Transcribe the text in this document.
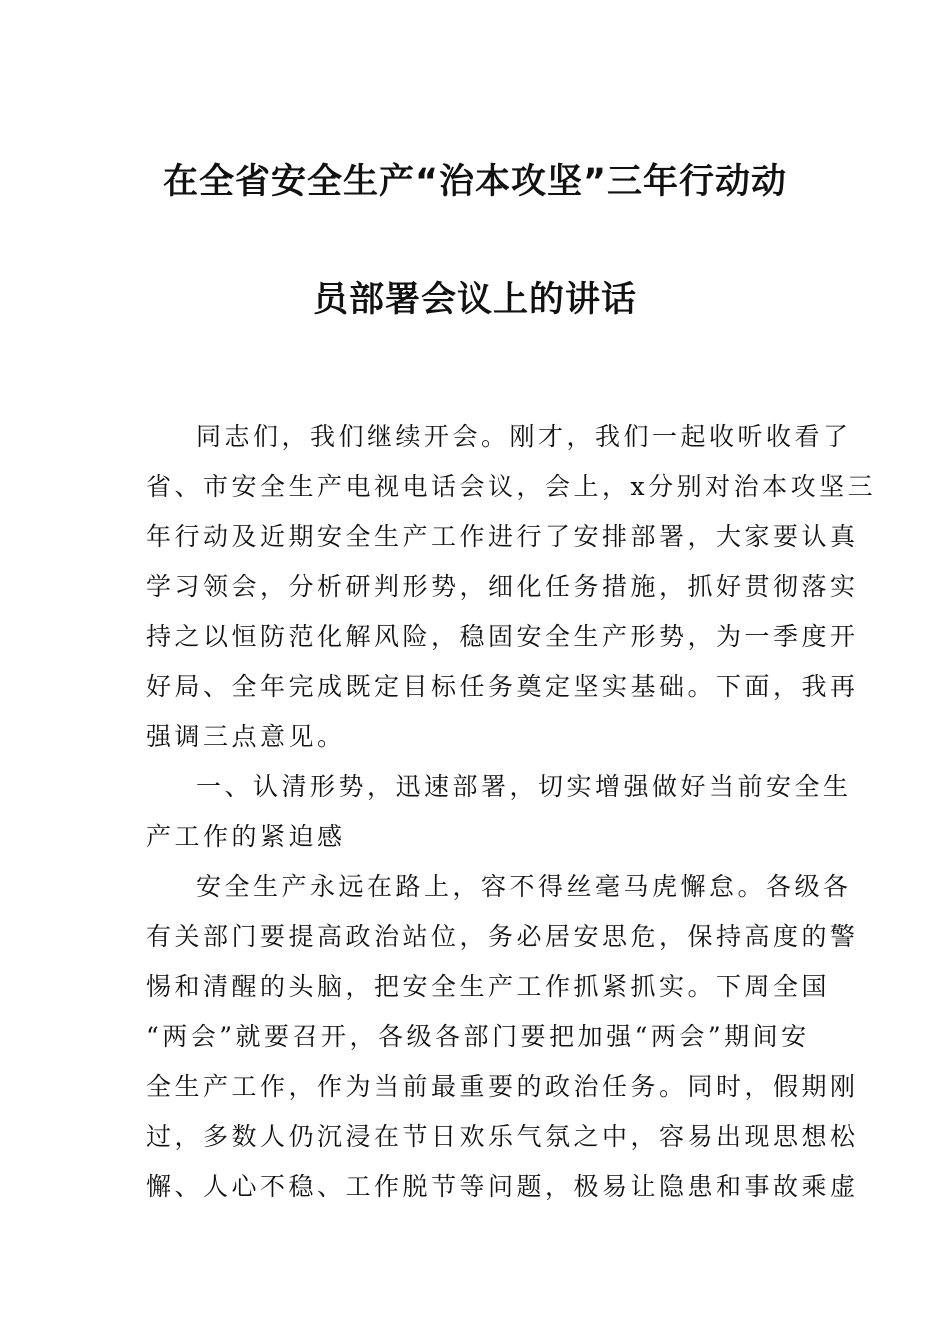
在全省安全生产“治本攻坚”三年行动动
员部署会议上的讲话
同志们，我们继续开会。刚才，我们一起收听收看了
省、市安全生产电视电话会议，会上，x分别对治本攻坚三
年行动及近期安全生产工作进行了安排部署，大家要认真
学习领会，分析研判形势，细化任务措施，抓好贯彻落实
持之以恒防范化解风险，稳固安全生产形势，为一季度开
好局、全年完成既定目标任务奠定坚实基础。下面，我再
强调三点意见。
一、认清形势，迅速部署，切实增强做好当前安全生
产工作的紧迫感
安全生产永远在路上，容不得丝毫马虎懈怠。各级各
有关部门要提高政治站位，务必居安思危，保持高度的警
惕和清醒的头脑，把安全生产工作抓紧抓实。下周全国
“两会”就要召开，各级各部门要把加强“两会”期间安
全生产工作，作为当前最重要的政治任务。同时，假期刚
过，多数人仍沉浸在节日欢乐气氛之中，容易出现思想松
懈、人心不稳、工作脱节等问题，极易让隐患和事故乘虚
